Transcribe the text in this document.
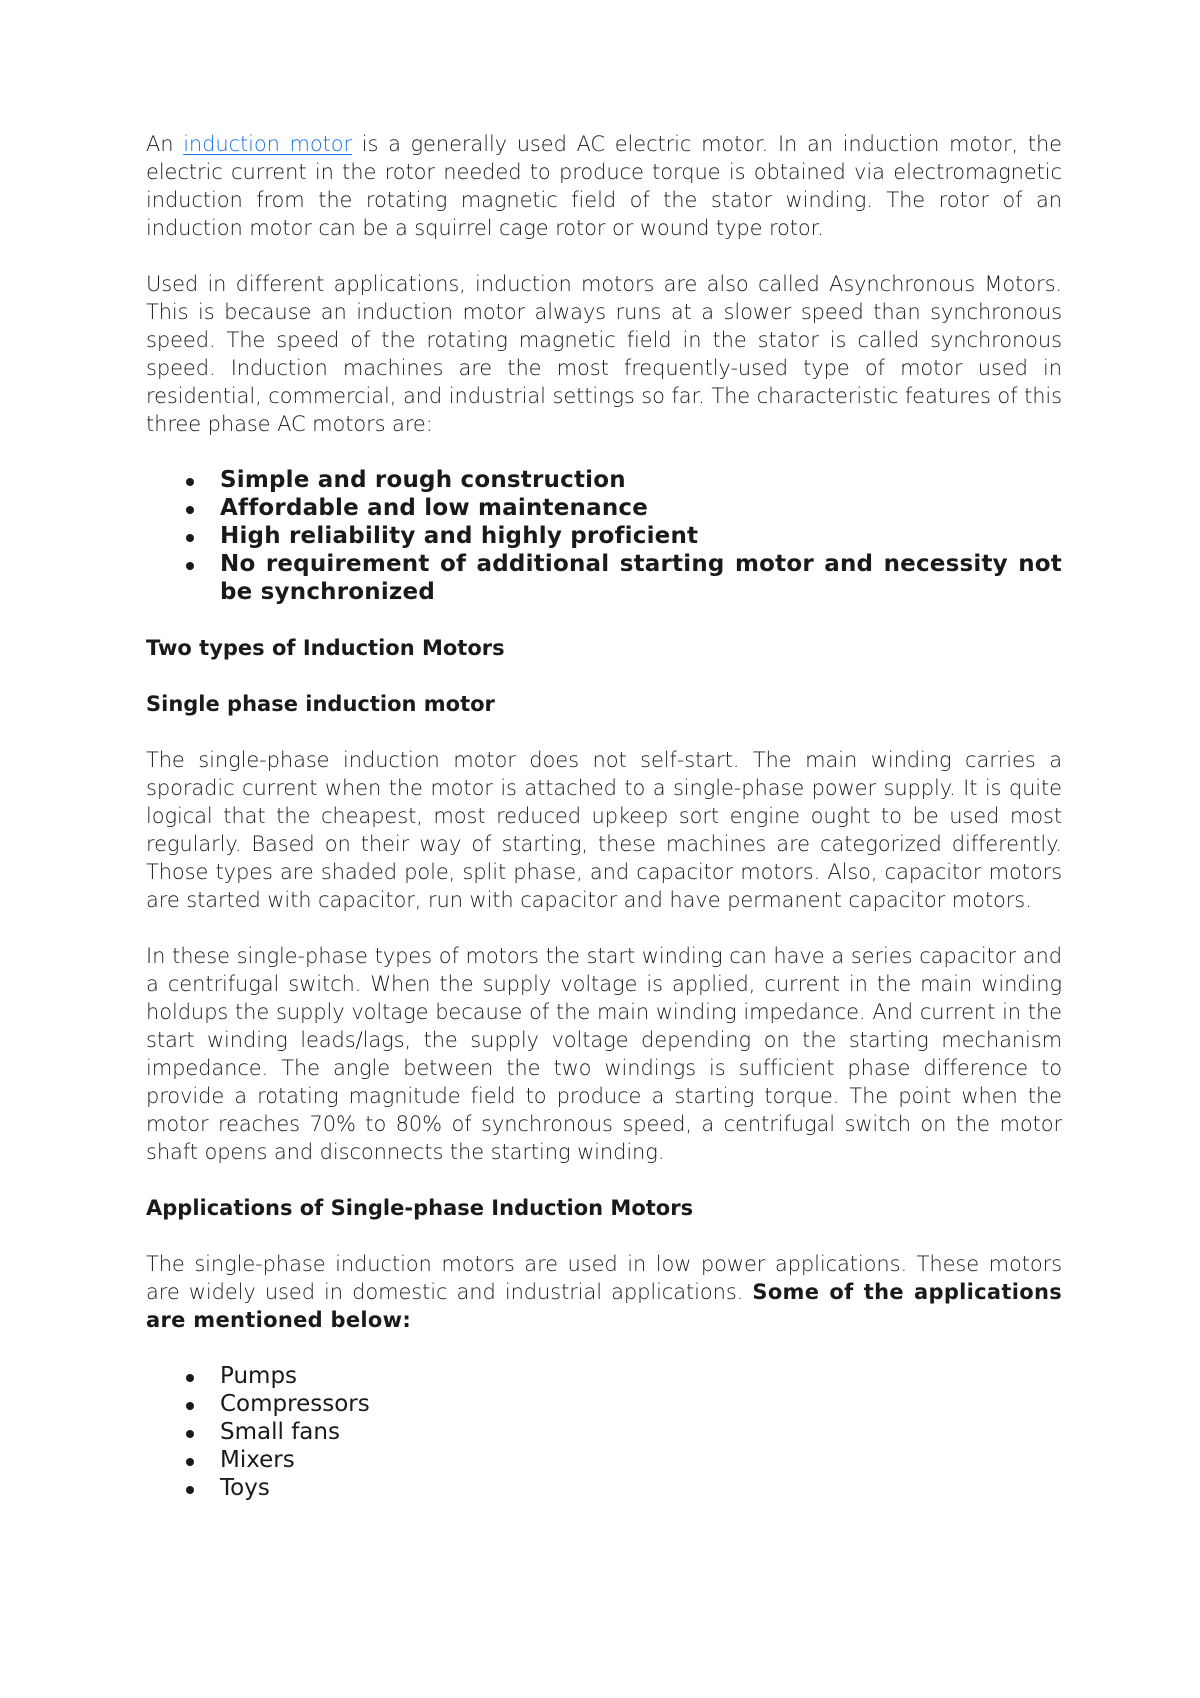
An induction motor is a generally used AC electric motor. In an induction motor, the electric current in the rotor needed to produce torque is obtained via electromagnetic induction from the rotating magnetic field of the stator winding. The rotor of an induction motor can be a squirrel cage rotor or wound type rotor.

Used in different applications, induction motors are also called Asynchronous Motors. This is because an induction motor always runs at a slower speed than synchronous speed. The speed of the rotating magnetic field in the stator is called synchronous speed. Induction machines are the most frequently-used type of motor used in residential, commercial, and industrial settings so far. The characteristic features of this three phase AC motors are:

Simple and rough construction
Affordable and low maintenance
High reliability and highly proficient
No requirement of additional starting motor and necessity not be synchronized
Two types of Induction Motors
Single phase induction motor

The single-phase induction motor does not self-start. The main winding carries a sporadic current when the motor is attached to a single-phase power supply. It is quite logical that the cheapest, most reduced upkeep sort engine ought to be used most regularly. Based on their way of starting, these machines are categorized differently. Those types are shaded pole, split phase, and capacitor motors. Also, capacitor motors are started with capacitor, run with capacitor and have permanent capacitor motors.

In these single-phase types of motors the start winding can have a series capacitor and a centrifugal switch. When the supply voltage is applied, current in the main winding holdups the supply voltage because of the main winding impedance. And current in the start winding leads/lags, the supply voltage depending on the starting mechanism impedance. The angle between the two windings is sufficient phase difference to provide a rotating magnitude field to produce a starting torque. The point when the motor reaches 70% to 80% of synchronous speed, a centrifugal switch on the motor shaft opens and disconnects the starting winding.

Applications of Single-phase Induction Motors

The single-phase induction motors are used in low power applications. These motors are widely used in domestic and industrial applications. Some of the applications are mentioned below:

Pumps
Compressors
Small fans
Mixers
Toys
